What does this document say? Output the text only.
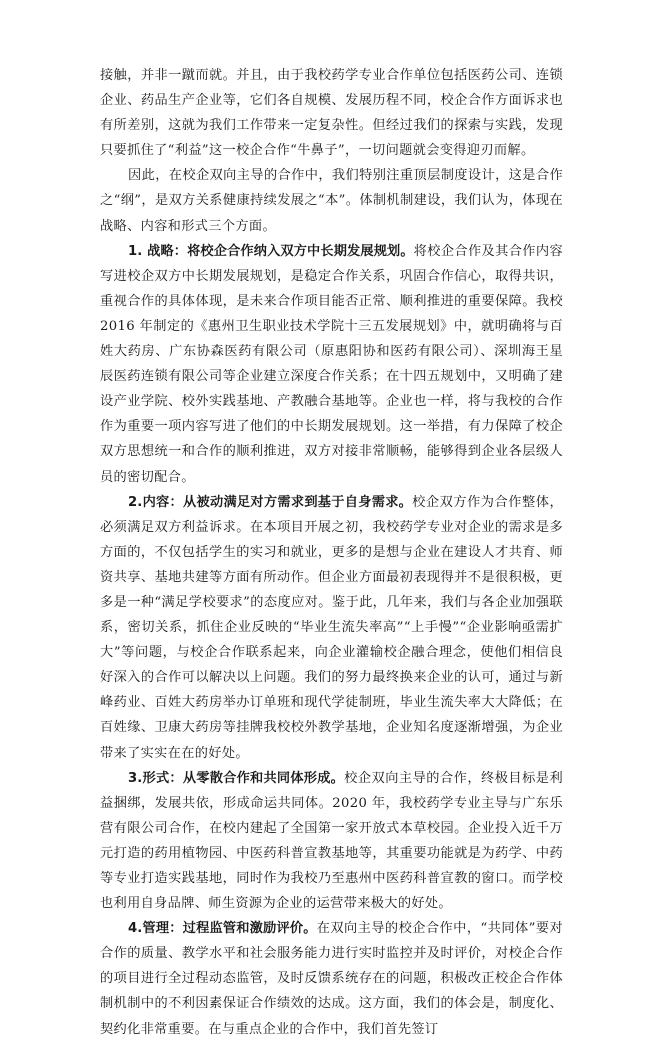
接触，并非一蹴而就。并且，由于我校药学专业合作单位包括医药公司、连锁企业、药品生产企业等，它们各自规模、发展历程不同，校企合作方面诉求也有所差别，这就为我们工作带来一定复杂性。但经过我们的探索与实践，发现只要抓住了“利益”这一校企合作“牛鼻子”，一切问题就会变得迎刃而解。

因此，在校企双向主导的合作中，我们特别注重顶层制度设计，这是合作之“纲”，是双方关系健康持续发展之“本”。体制机制建设，我们认为，体现在战略、内容和形式三个方面。

1. 战略：将校企合作纳入双方中长期发展规划。将校企合作及其合作内容写进校企双方中长期发展规划，是稳定合作关系，巩固合作信心，取得共识，重视合作的具体体现，是未来合作项目能否正常、顺利推进的重要保障。我校 2016 年制定的《惠州卫生职业技术学院十三五发展规划》中，就明确将与百姓大药房、广东协森医药有限公司（原惠阳协和医药有限公司）、深圳海王星辰医药连锁有限公司等企业建立深度合作关系；在十四五规划中，又明确了建设产业学院、校外实践基地、产教融合基地等。企业也一样，将与我校的合作作为重要一项内容写进了他们的中长期发展规划。这一举措，有力保障了校企双方思想统一和合作的顺利推进，双方对接非常顺畅，能够得到企业各层级人员的密切配合。

2.内容：从被动满足对方需求到基于自身需求。校企双方作为合作整体，必须满足双方利益诉求。在本项目开展之初，我校药学专业对企业的需求是多方面的，不仅包括学生的实习和就业，更多的是想与企业在建设人才共育、师资共享、基地共建等方面有所动作。但企业方面最初表现得并不是很积极，更多是一种“满足学校要求”的态度应对。鉴于此，几年来，我们与各企业加强联系，密切关系，抓住企业反映的“毕业生流失率高”“上手慢”“企业影响亟需扩大”等问题，与校企合作联系起来，向企业灌输校企融合理念，使他们相信良好深入的合作可以解决以上问题。我们的努力最终换来企业的认可，通过与新峰药业、百姓大药房举办订单班和现代学徒制班，毕业生流失率大大降低；在百姓缘、卫康大药房等挂牌我校校外教学基地，企业知名度逐渐增强，为企业带来了实实在在的好处。

3.形式：从零散合作和共同体形成。校企双向主导的合作，终极目标是利益捆绑，发展共依，形成命运共同体。2020 年，我校药学专业主导与广东乐营有限公司合作，在校内建起了全国第一家开放式本草校园。企业投入近千万元打造的药用植物园、中医药科普宣教基地等，其重要功能就是为药学、中药等专业打造实践基地，同时作为我校乃至惠州中医药科普宣教的窗口。而学校也利用自身品牌、师生资源为企业的运营带来极大的好处。

4.管理：过程监管和激励评价。在双向主导的校企合作中，“共同体”要对合作的质量、教学水平和社会服务能力进行实时监控并及时评价，对校企合作的项目进行全过程动态监管，及时反馈系统存在的问题，积极改正校企合作体制机制中的不利因素保证合作绩效的达成。这方面，我们的体会是，制度化、契约化非常重要。在与重点企业的合作中，我们首先签订
